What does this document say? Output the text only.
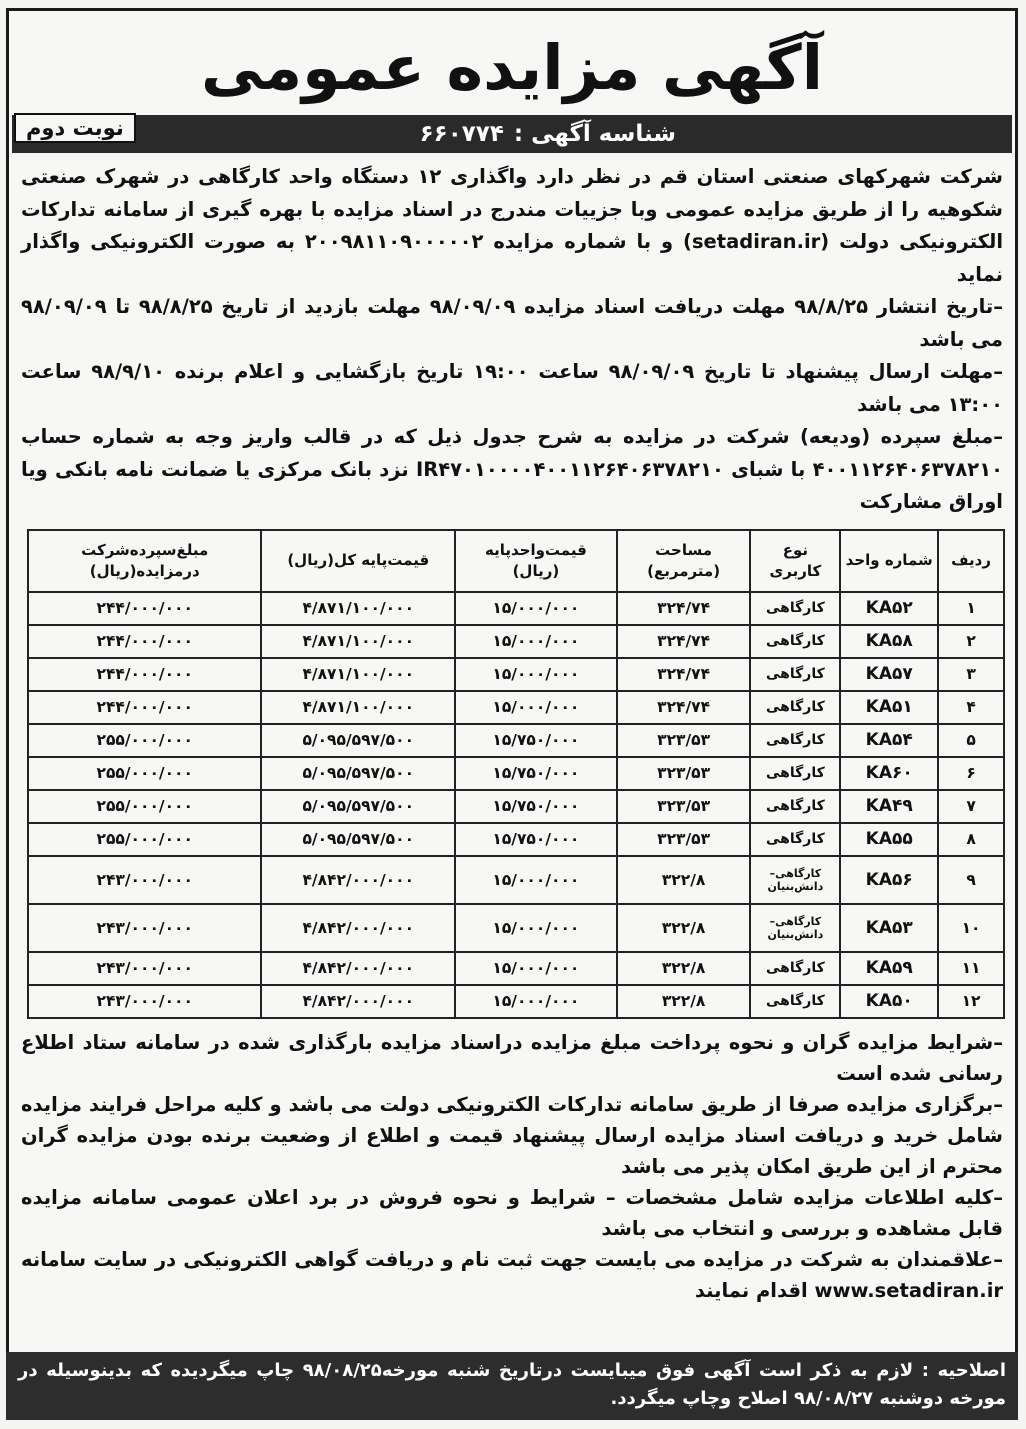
آگهی مزایده عمومی
شناسه آگهی :
۶۶۰۷۷۴
نوبت دوم

شرکت شهرکهای صنعتی استان قم در نظر دارد واگذاری ۱۲ دستگاه واحد کارگاهی در شهرک صنعتی شکوهیه را از طریق مزایده عمومی وبا جزییات مندرج در اسناد مزایده با بهره گیری از سامانه تدارکات الکترونیکی دولت (setadiran.ir) و با شماره مزایده ۲۰۰۹۸۱۱۰۹۰۰۰۰۰۲ به صورت الکترونیکی واگذار نماید

–تاریخ انتشار ۹۸/۸/۲۵ مهلت دریافت اسناد مزایده ۹۸/۰۹/۰۹ مهلت بازدید از تاریخ ۹۸/۸/۲۵ تا ۹۸/۰۹/۰۹ می باشد

–مهلت ارسال پیشنهاد تا تاریخ ۹۸/۰۹/۰۹ ساعت ۱۹:۰۰ تاریخ بازگشایی و اعلام برنده ۹۸/۹/۱۰ ساعت ۱۳:۰۰ می باشد

–مبلغ سپرده (ودیعه) شرکت در مزایده به شرح جدول ذیل که در قالب واریز وجه به شماره حساب ۴۰۰۱۱۲۶۴۰۶۳۷۸۲۱۰ با شبای IR۴۷۰۱۰۰۰۰۴۰۰۱۱۲۶۴۰۶۳۷۸۲۱۰ نزد بانک مرکزی یا ضمانت نامه بانکی ویا اوراق مشارکت

ردیف	شماره واحد	نوع کاربری	مساحت (مترمربع)	قیمت‌واحدپایه (ریال)	قیمت‌پایه کل(ریال)	مبلغ‌سپرده‌شرکت درمزایده(ریال)
۱	KA۵۲	کارگاهی	۳۲۴/۷۴	۱۵/۰۰۰/۰۰۰	۴/۸۷۱/۱۰۰/۰۰۰	۲۴۴/۰۰۰/۰۰۰
۲	KA۵۸	کارگاهی	۳۲۴/۷۴	۱۵/۰۰۰/۰۰۰	۴/۸۷۱/۱۰۰/۰۰۰	۲۴۴/۰۰۰/۰۰۰
۳	KA۵۷	کارگاهی	۳۲۴/۷۴	۱۵/۰۰۰/۰۰۰	۴/۸۷۱/۱۰۰/۰۰۰	۲۴۴/۰۰۰/۰۰۰
۴	KA۵۱	کارگاهی	۳۲۴/۷۴	۱۵/۰۰۰/۰۰۰	۴/۸۷۱/۱۰۰/۰۰۰	۲۴۴/۰۰۰/۰۰۰
۵	KA۵۴	کارگاهی	۳۲۳/۵۳	۱۵/۷۵۰/۰۰۰	۵/۰۹۵/۵۹۷/۵۰۰	۲۵۵/۰۰۰/۰۰۰
۶	KA۶۰	کارگاهی	۳۲۳/۵۳	۱۵/۷۵۰/۰۰۰	۵/۰۹۵/۵۹۷/۵۰۰	۲۵۵/۰۰۰/۰۰۰
۷	KA۴۹	کارگاهی	۳۲۳/۵۳	۱۵/۷۵۰/۰۰۰	۵/۰۹۵/۵۹۷/۵۰۰	۲۵۵/۰۰۰/۰۰۰
۸	KA۵۵	کارگاهی	۳۲۳/۵۳	۱۵/۷۵۰/۰۰۰	۵/۰۹۵/۵۹۷/۵۰۰	۲۵۵/۰۰۰/۰۰۰
۹	KA۵۶	کارگاهی– دانش‌بنیان	۳۲۲/۸	۱۵/۰۰۰/۰۰۰	۴/۸۴۲/۰۰۰/۰۰۰	۲۴۳/۰۰۰/۰۰۰
۱۰	KA۵۳	کارگاهی– دانش‌بنیان	۳۲۲/۸	۱۵/۰۰۰/۰۰۰	۴/۸۴۲/۰۰۰/۰۰۰	۲۴۳/۰۰۰/۰۰۰
۱۱	KA۵۹	کارگاهی	۳۲۲/۸	۱۵/۰۰۰/۰۰۰	۴/۸۴۲/۰۰۰/۰۰۰	۲۴۳/۰۰۰/۰۰۰
۱۲	KA۵۰	کارگاهی	۳۲۲/۸	۱۵/۰۰۰/۰۰۰	۴/۸۴۲/۰۰۰/۰۰۰	۲۴۳/۰۰۰/۰۰۰

–شرایط مزایده گران و نحوه پرداخت مبلغ مزایده دراسناد مزایده بارگذاری شده در سامانه ستاد اطلاع رسانی شده است

–برگزاری مزایده صرفا از طریق سامانه تدارکات الکترونیکی دولت می باشد و کلیه مراحل فرایند مزایده شامل خرید و دریافت اسناد مزایده ارسال پیشنهاد قیمت و اطلاع از وضعیت برنده بودن مزایده گران محترم از این طریق امکان پذیر می باشد

–کلیه اطلاعات مزایده شامل مشخصات – شرایط و نحوه فروش در برد اعلان عمومی سامانه مزایده قابل مشاهده و بررسی و انتخاب می باشد

–علاقمندان به شرکت در مزایده می بایست جهت ثبت نام و دریافت گواهی الکترونیکی در سایت سامانه www.setadiran.ir اقدام نمایند

اصلاحیه : لازم به ذکر است آگهی فوق میبایست درتاریخ شنبه مورخه۹۸/۰۸/۲۵ چاپ میگردیده که بدینوسیله در مورخه دوشنبه ۹۸/۰۸/۲۷ اصلاح وچاپ میگردد.
